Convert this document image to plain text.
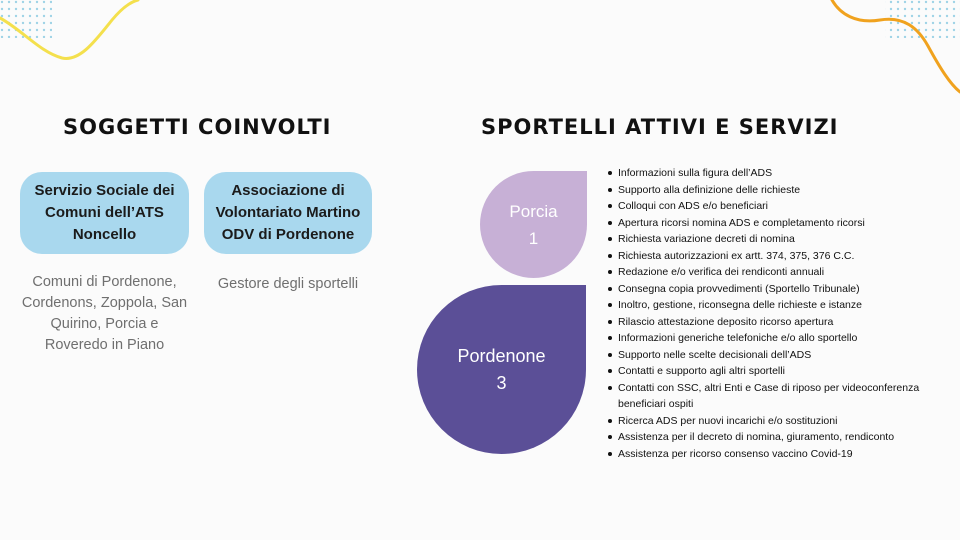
SOGGETTI COINVOLTI
Servizio Sociale dei Comuni dell’ATS Noncello

Comuni di Pordenone, Cordenons, Zoppola, San Quirino, Porcia e Roveredo in Piano

Associazione di Volontariato Martino ODV di Pordenone

Gestore degli sportelli

SPORTELLI ATTIVI E SERVIZI
Porcia
1
Pordenone
3
Informazioni sulla figura dell’ADS
Supporto alla definizione delle richieste
Colloqui con ADS e/o beneficiari
Apertura ricorsi nomina ADS e completamento ricorsi
Richiesta variazione decreti di nomina
Richiesta autorizzazioni ex artt. 374, 375, 376 C.C.
Redazione e/o verifica dei rendiconti annuali
Consegna copia provvedimenti (Sportello Tribunale)
Inoltro, gestione, riconsegna delle richieste e istanze
Rilascio attestazione deposito ricorso apertura
Informazioni generiche telefoniche e/o allo sportello
Supporto nelle scelte decisionali dell’ADS
Contatti e supporto agli altri sportelli
Contatti con SSC, altri Enti e Case di riposo per videoconferenza beneficiari ospiti
Ricerca ADS per nuovi incarichi e/o sostituzioni
Assistenza per il decreto di nomina, giuramento, rendiconto
Assistenza per ricorso consenso vaccino Covid-19
